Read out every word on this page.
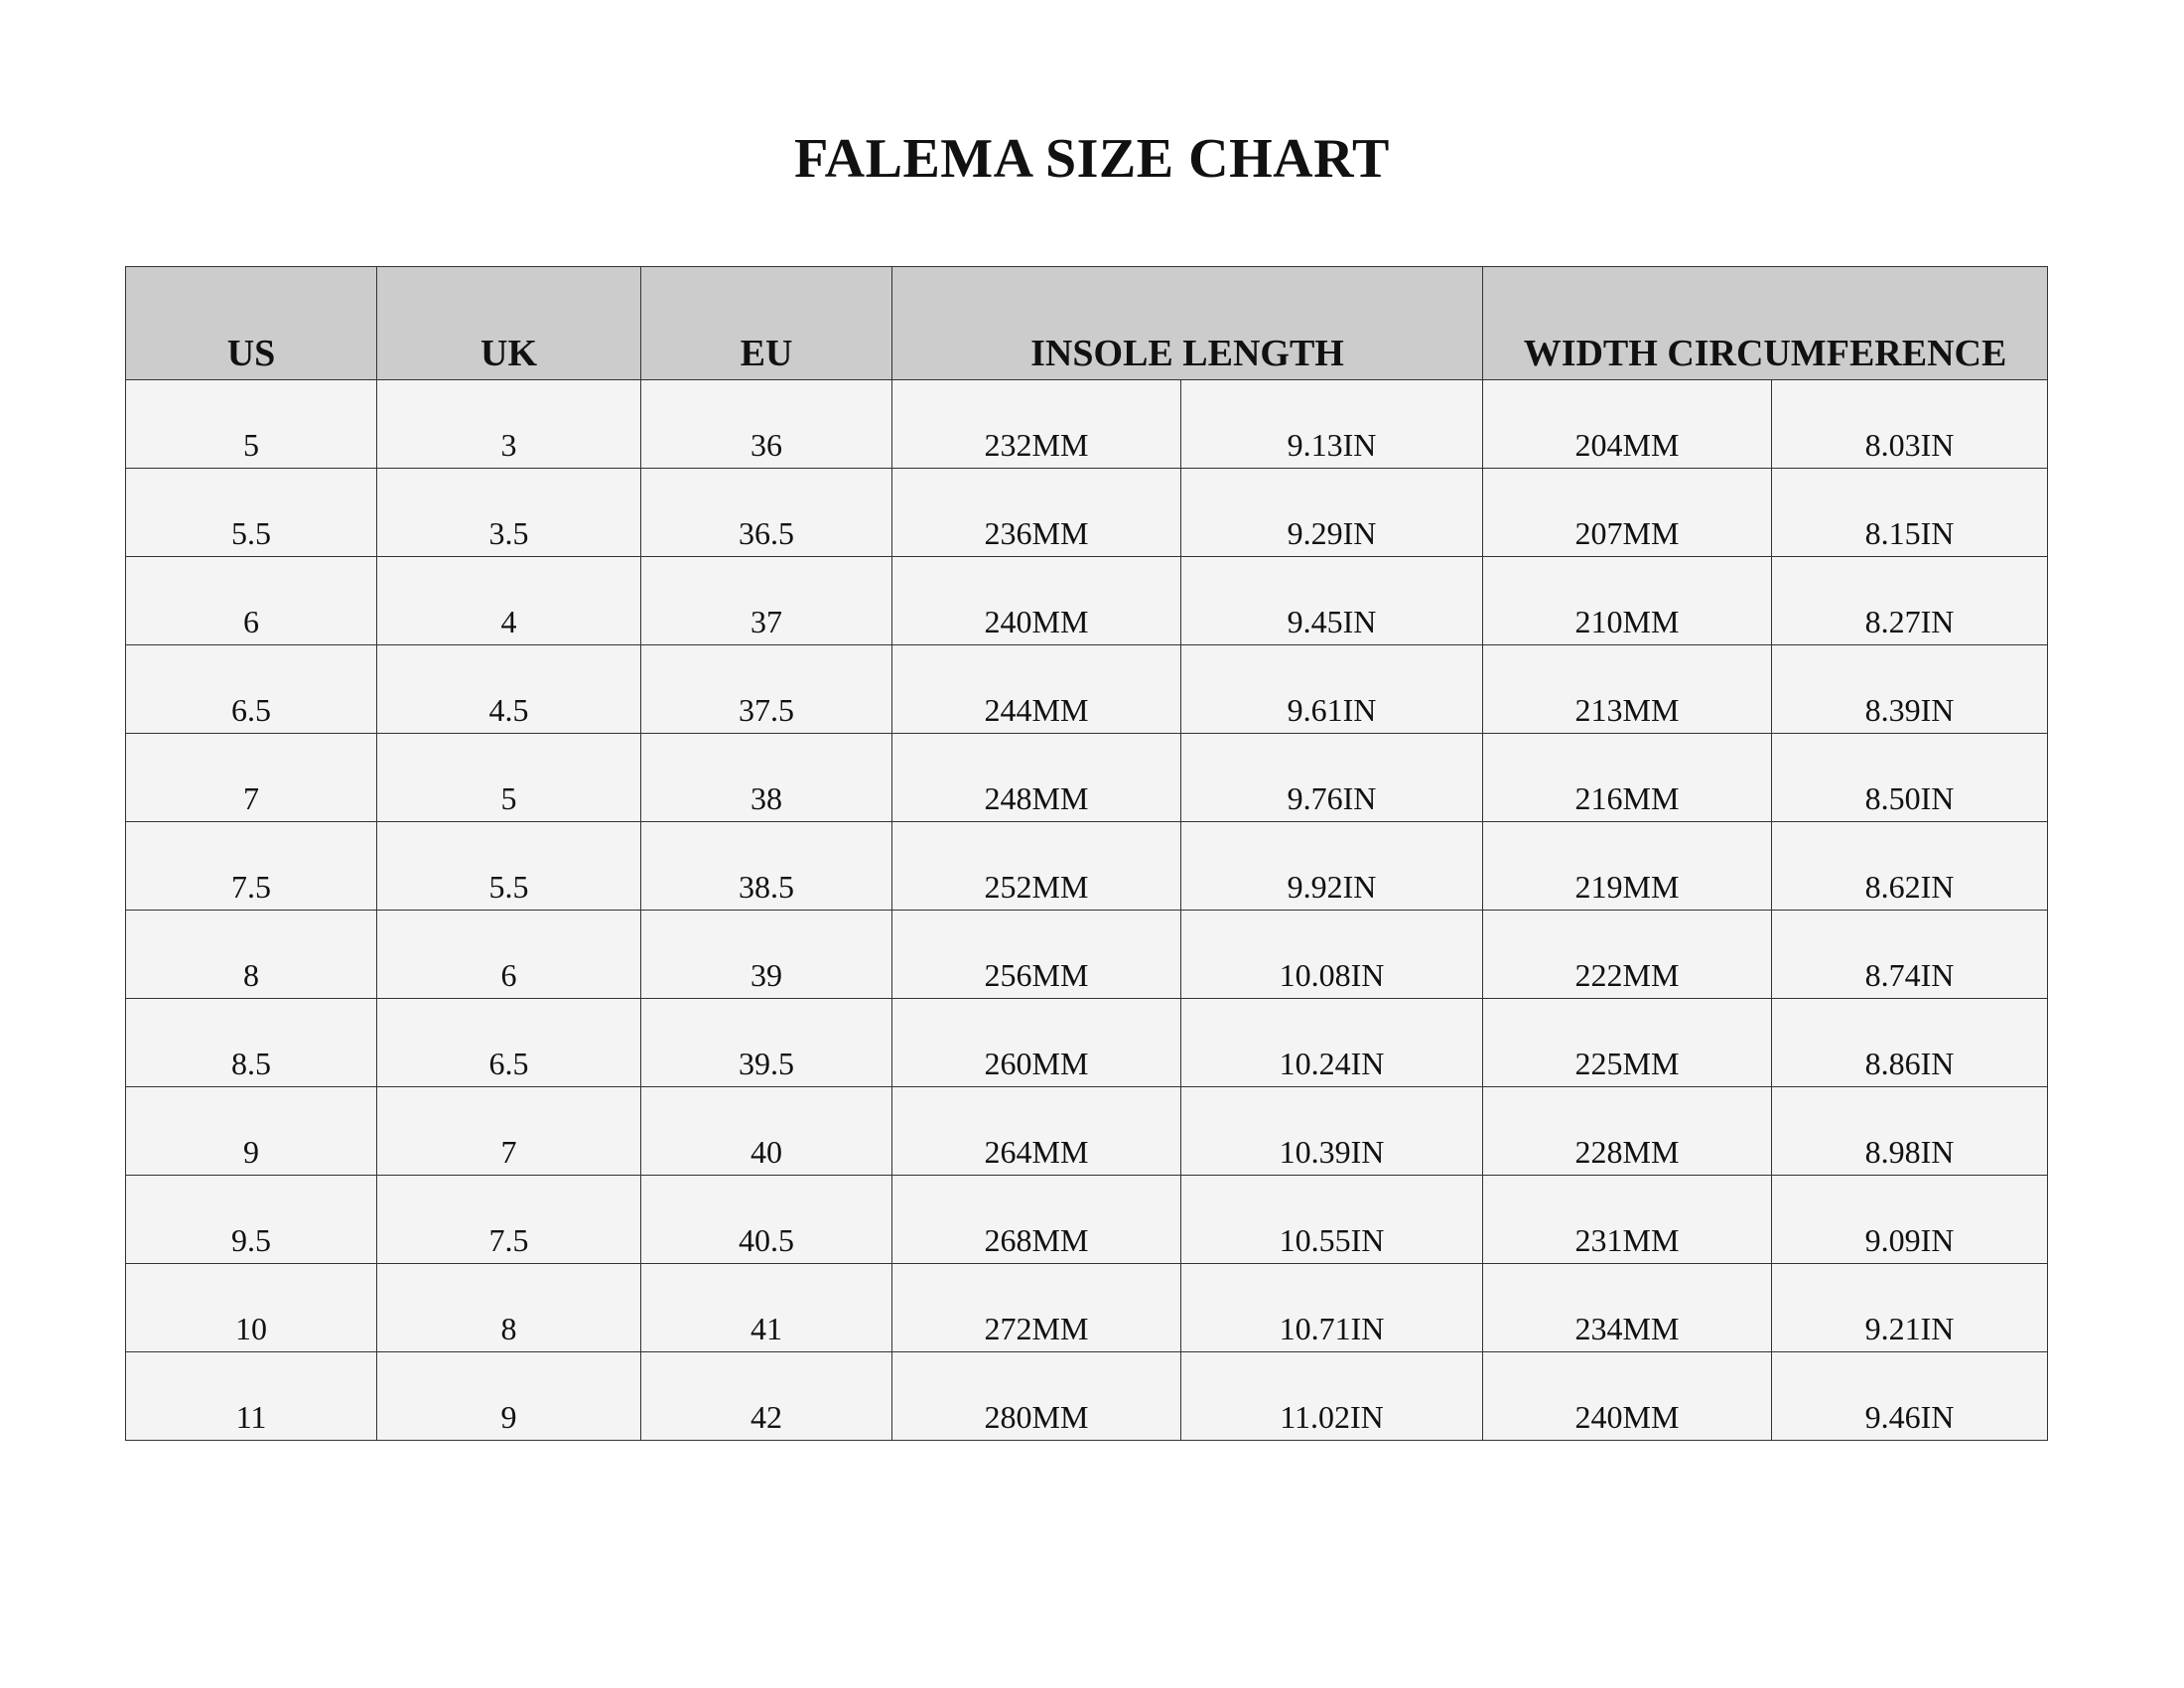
FALEMA SIZE CHART
US	UK	EU	INSOLE LENGTH		WIDTH CIRCUMFERENCE	
5	3	36	232MM	9.13IN	204MM	8.03IN
5.5	3.5	36.5	236MM	9.29IN	207MM	8.15IN
6	4	37	240MM	9.45IN	210MM	8.27IN
6.5	4.5	37.5	244MM	9.61IN	213MM	8.39IN
7	5	38	248MM	9.76IN	216MM	8.50IN
7.5	5.5	38.5	252MM	9.92IN	219MM	8.62IN
8	6	39	256MM	10.08IN	222MM	8.74IN
8.5	6.5	39.5	260MM	10.24IN	225MM	8.86IN
9	7	40	264MM	10.39IN	228MM	8.98IN
9.5	7.5	40.5	268MM	10.55IN	231MM	9.09IN
10	8	41	272MM	10.71IN	234MM	9.21IN
11	9	42	280MM	11.02IN	240MM	9.46IN
